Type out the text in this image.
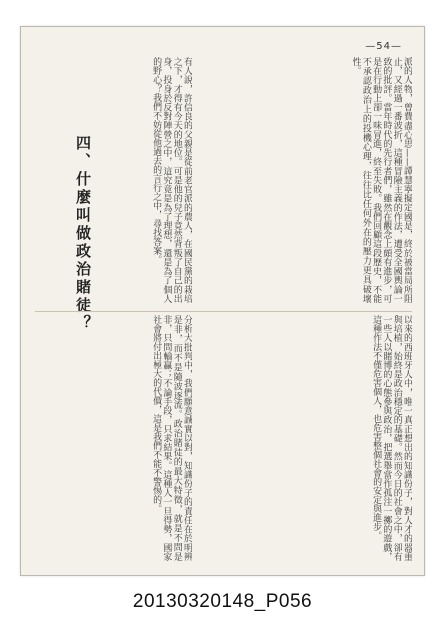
—54—
派的人物，曾費盡心思——譚慧寧擬定國是，終於被當局所阻止，又經過一番波折，這種冒險主義的作法，遭受全國輿論一致的批評。當年時代的先行者們，雖然在觀念上頗有進步，可是在行動上卻一味冒進，終至失敗。我們回顧這段歷史，不能不承認政治上的投機心理，往往比任何外在的壓力更具破壞性。
有人說，許信良的父親是從前老官派的農人，在國民黨的栽培之下，才得有今天的地位。可是他的兒子竟然背叛了自己的出身，投身於反對陣營之中，這究竟是為了理想，還是為了個人的野心？我們不妨從他過去的言行之中，尋找答案。
以來的西班牙人中，唯一真正想出的知識份子，對人才的器重與培植，始終是政治穩定的基礎。然而今日的社會之中，卻有一些人以賭博的心態參與政治，把選舉當作孤注一擲的遊戲，這種作法不僅危害個人，也危害整個社會的安定與進步。
分析大批判中，我們願意誠實以對，知識份子的責任在於明辨是非，而不是隨波逐流。政治賭徒的最大特徵，就是不問是非，只問輸贏；不論手段，只求結果。這種人一旦得勢，國家社會將付出極大的代價，這是我們不能不警惕的。
四、什麼叫做政治賭徒？
20130320148_P056
